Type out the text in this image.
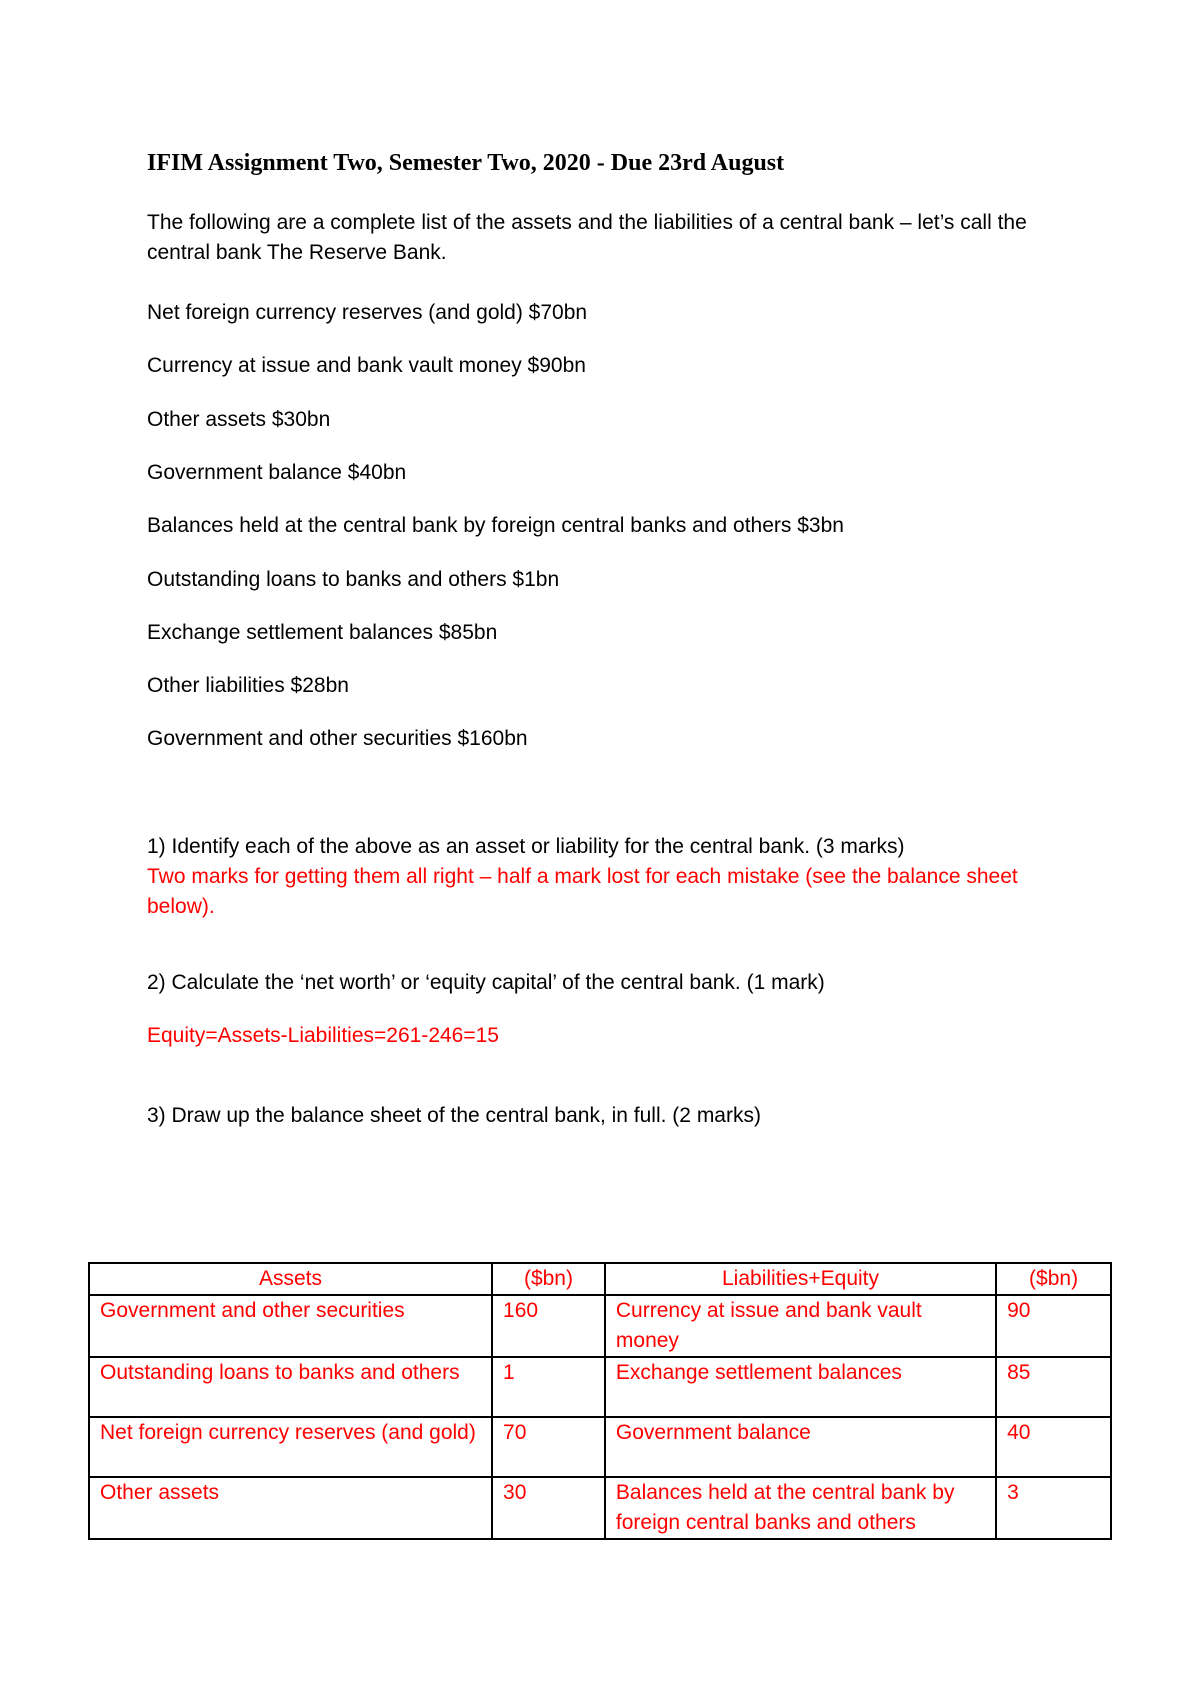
IFIM Assignment Two, Semester Two, 2020 - Due 23rd August
The following are a complete list of the assets and the liabilities of a central bank – let’s call the central bank The Reserve Bank.
Net foreign currency reserves (and gold) $70bn
Currency at issue and bank vault money $90bn
Other assets $30bn
Government balance $40bn
Balances held at the central bank by foreign central banks and others $3bn
Outstanding loans to banks and others $1bn
Exchange settlement balances $85bn
Other liabilities $28bn
Government and other securities $160bn
1) Identify each of the above as an asset or liability for the central bank. (3 marks)
Two marks for getting them all right – half a mark lost for each mistake (see the balance sheet below).
2) Calculate the ‘net worth’ or ‘equity capital’ of the central bank. (1 mark)
Equity=Assets-Liabilities=261-246=15
3) Draw up the balance sheet of the central bank, in full. (2 marks)
Assets	($bn)	Liabilities+Equity	($bn)
Government and other securities	160	Currency at issue and bank vault money	90
Outstanding loans to banks and others	1	Exchange settlement balances	85
Net foreign currency reserves (and gold)	70	Government balance	40
Other assets	30	Balances held at the central bank by foreign central banks and others	3
